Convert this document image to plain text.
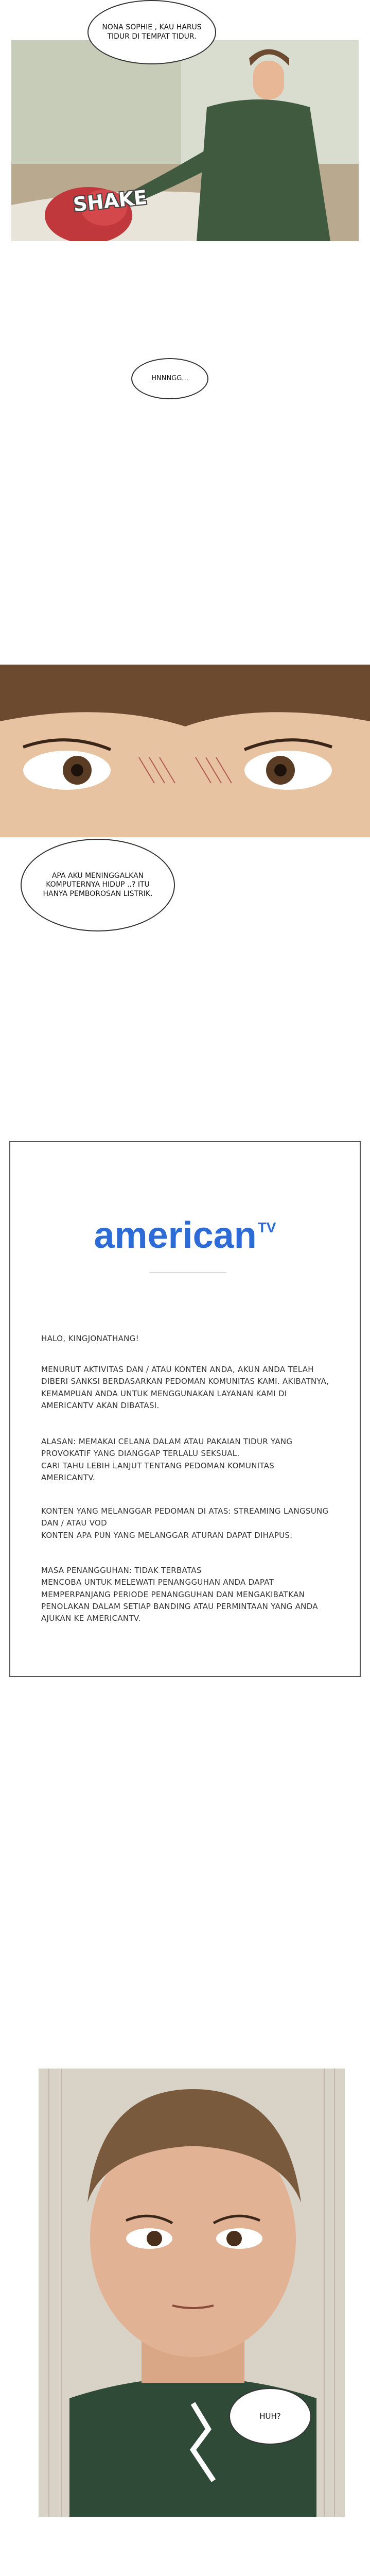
SHAKE
NONA SOPHIE , KAU HARUS TIDUR DI TEMPAT TIDUR.
HNNNGG...
APA AKU MENINGGALKAN KOMPUTERNYA HIDUP ..? ITU HANYA PEMBOROSAN LISTRIK.
american$^{TV}$

HALO, KINGJONATHANG!

MENURUT AKTIVITAS DAN / ATAU KONTEN ANDA, AKUN ANDA TELAH DIBERI SANKSI BERDASARKAN PEDOMAN KOMUNITAS KAMI. AKIBATNYA, KEMAMPUAN ANDA UNTUK MENGGUNAKAN LAYANAN KAMI DI AMERICANTV AKAN DIBATASI.

ALASAN: MEMAKAI CELANA DALAM ATAU PAKAIAN TIDUR YANG PROVOKATIF YANG DIANGGAP TERLALU SEKSUAL.
CARI TAHU LEBIH LANJUT TENTANG PEDOMAN KOMUNITAS AMERICANTV.

KONTEN YANG MELANGGAR PEDOMAN DI ATAS: STREAMING LANGSUNG DAN / ATAU VOD
KONTEN APA PUN YANG MELANGGAR ATURAN DAPAT DIHAPUS.

MASA PENANGGUHAN: TIDAK TERBATAS
MENCOBA UNTUK MELEWATI PENANGGUHAN ANDA DAPAT MEMPERPANJANG PERIODE PENANGGUHAN DAN MENGAKIBATKAN PENOLAKAN DALAM SETIAP BANDING ATAU PERMINTAAN YANG ANDA AJUKAN KE AMERICANTV.

HUH?
